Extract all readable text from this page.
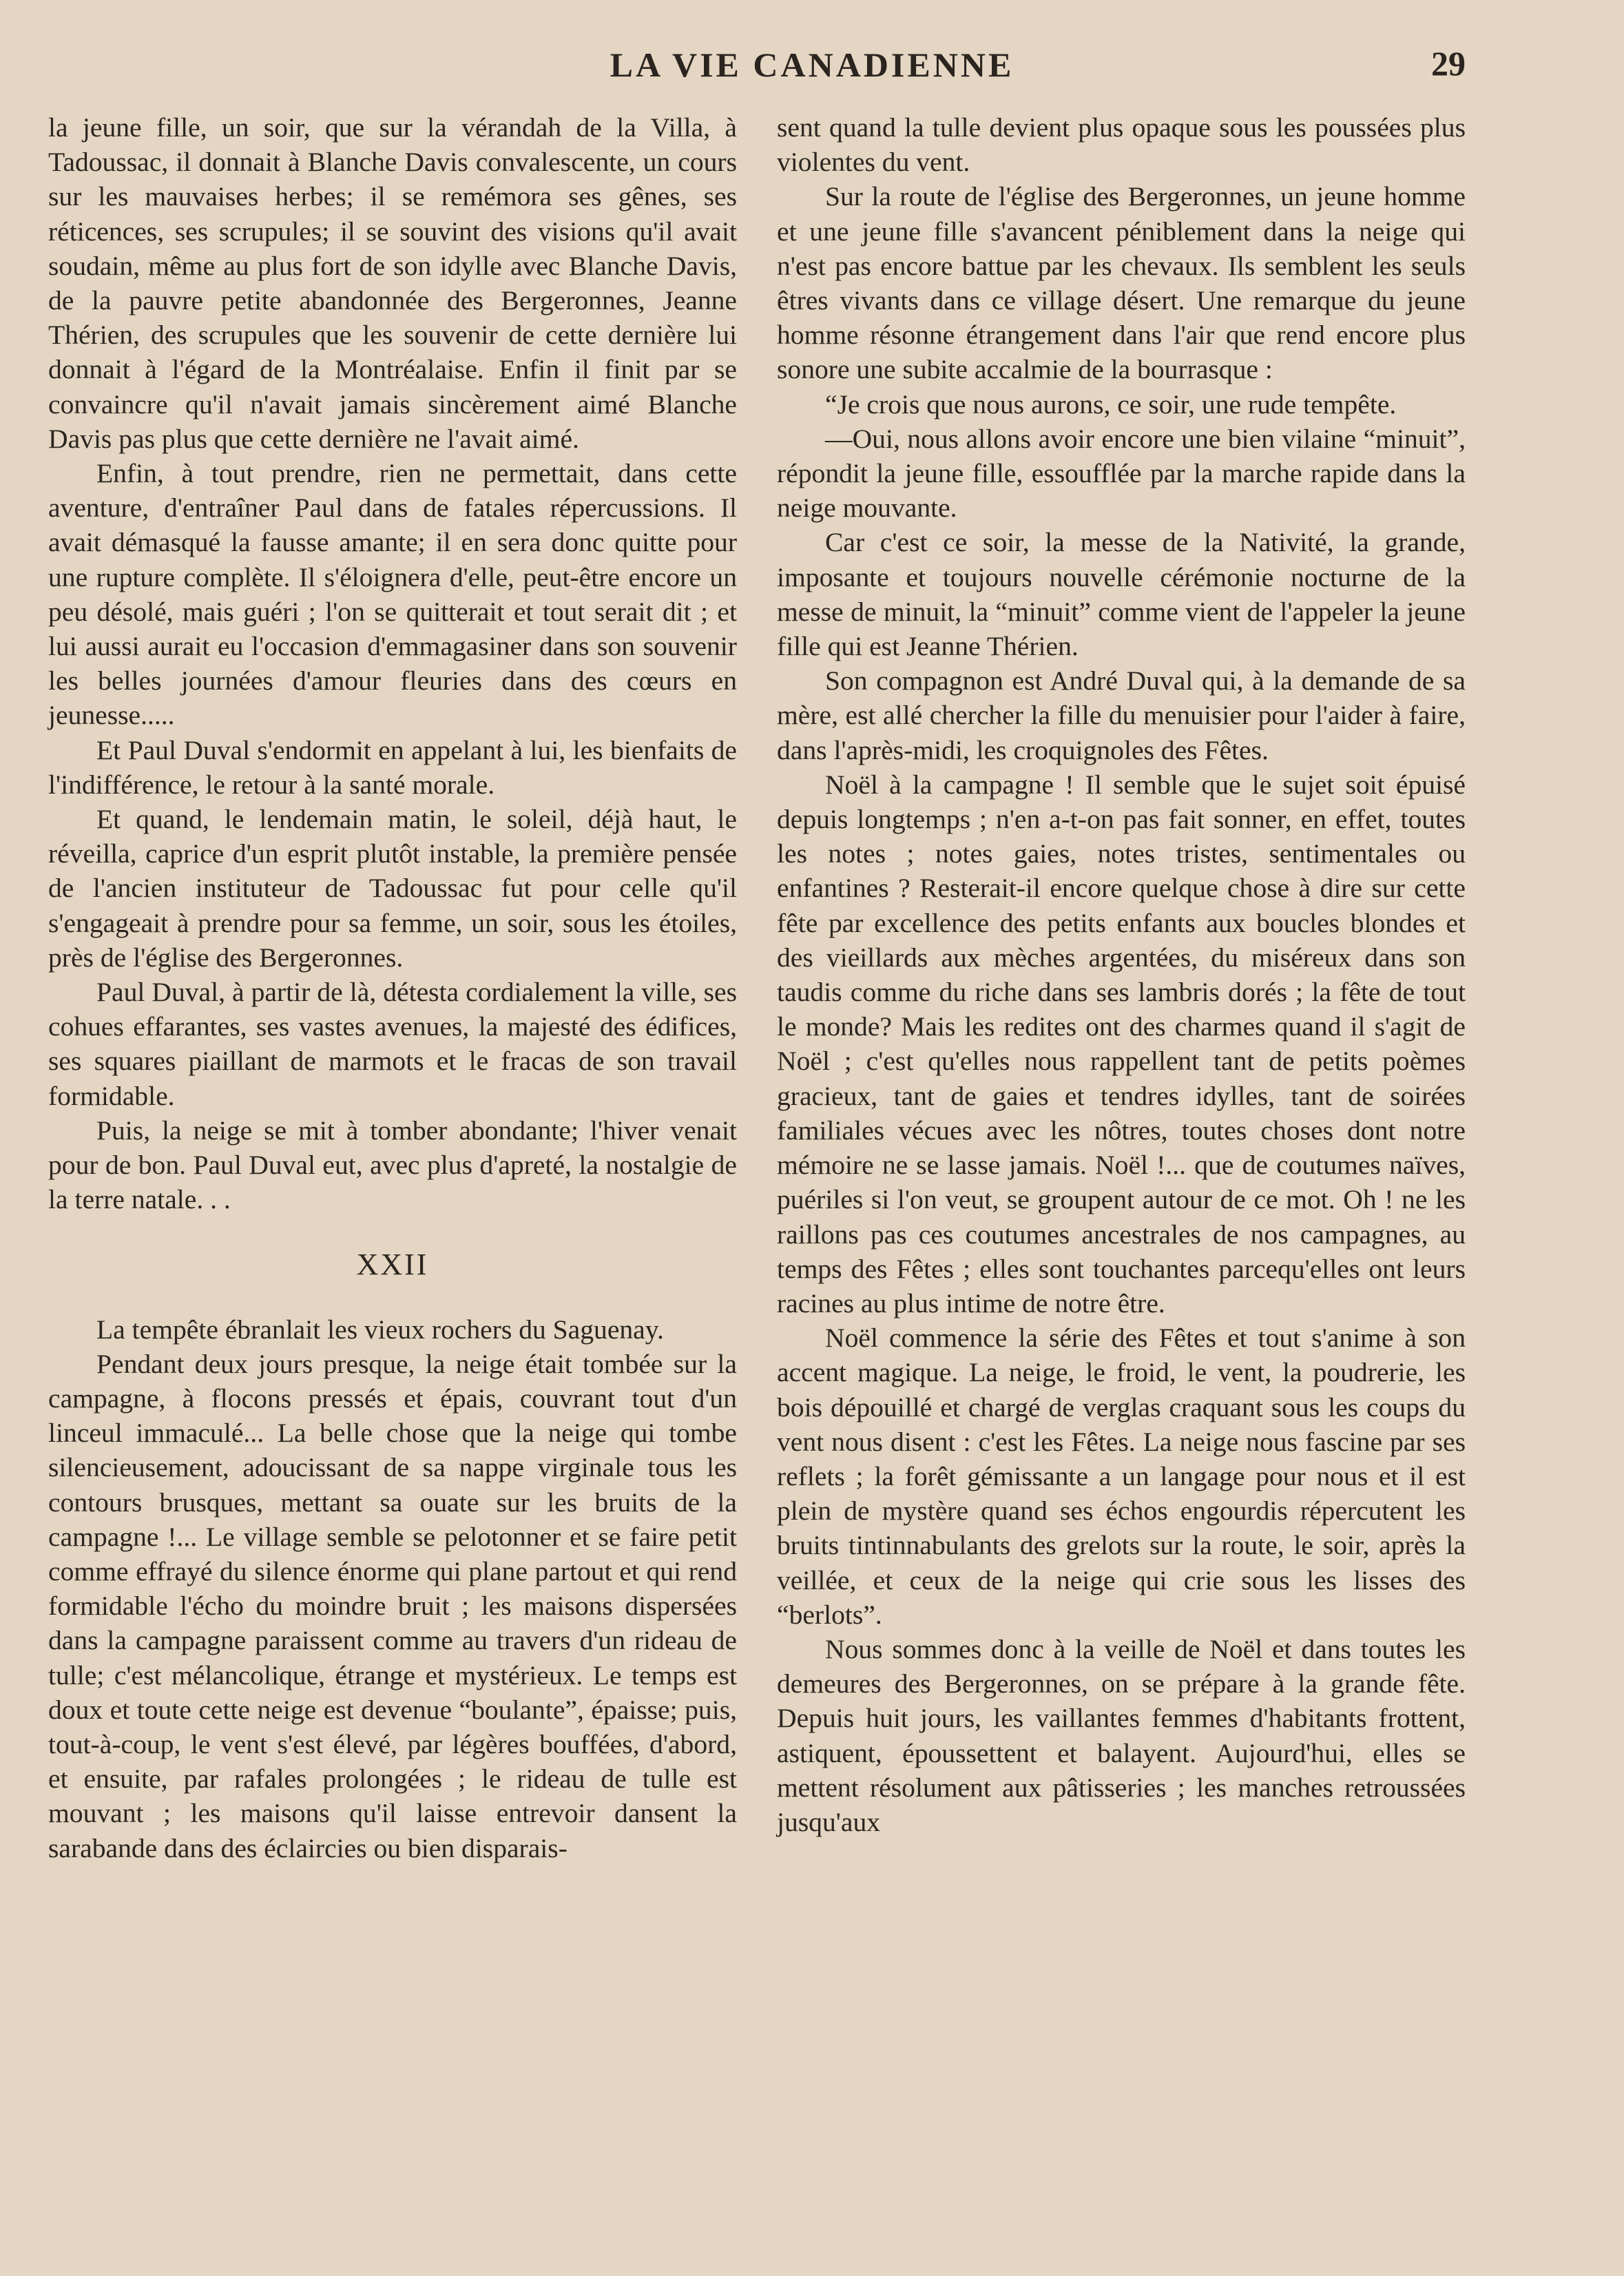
LA VIE CANADIENNE	29

la jeune fille, un soir, que sur la vérandah de la Villa, à Tadoussac, il donnait à Blanche Davis convalescente, un cours sur les mauvaises herbes; il se remémora ses gênes, ses réticences, ses scrupules; il se souvint des visions qu'il avait soudain, même au plus fort de son idylle avec Blanche Davis, de la pauvre petite abandonnée des Bergeronnes, Jeanne Thérien, des scrupules que les souvenir de cette dernière lui donnait à l'égard de la Montréalaise. Enfin il finit par se convaincre qu'il n'avait jamais sincèrement aimé Blanche Davis pas plus que cette dernière ne l'avait aimé.

Enfin, à tout prendre, rien ne permettait, dans cette aventure, d'entraîner Paul dans de fatales répercussions. Il avait démasqué la fausse amante; il en sera donc quitte pour une rupture complète. Il s'éloignera d'elle, peut-être encore un peu désolé, mais guéri ; l'on se quitterait et tout serait dit ; et lui aussi aurait eu l'occasion d'emmagasiner dans son souvenir les belles journées d'amour fleuries dans des cœurs en jeunesse.....

Et Paul Duval s'endormit en appelant à lui, les bienfaits de l'indifférence, le retour à la santé morale.

Et quand, le lendemain matin, le soleil, déjà haut, le réveilla, caprice d'un esprit plutôt instable, la première pensée de l'ancien instituteur de Tadoussac fut pour celle qu'il s'engageait à prendre pour sa femme, un soir, sous les étoiles, près de l'église des Bergeronnes.

Paul Duval, à partir de là, détesta cordialement la ville, ses cohues effarantes, ses vastes avenues, la majesté des édifices, ses squares piaillant de marmots et le fracas de son travail formidable.

Puis, la neige se mit à tomber abondante; l'hiver venait pour de bon. Paul Duval eut, avec plus d'apreté, la nostalgie de la terre natale. . .

XXII

La tempête ébranlait les vieux rochers du Saguenay.

Pendant deux jours presque, la neige était tombée sur la campagne, à flocons pressés et épais, couvrant tout d'un linceul immaculé... La belle chose que la neige qui tombe silencieusement, adoucissant de sa nappe virginale tous les contours brusques, mettant sa ouate sur les bruits de la campagne !... Le village semble se pelotonner et se faire petit comme effrayé du silence énorme qui plane partout et qui rend formidable l'écho du moindre bruit ; les maisons dispersées dans la campagne paraissent comme au travers d'un rideau de tulle; c'est mélancolique, étrange et mystérieux. Le temps est doux et toute cette neige est devenue “boulante”, épaisse; puis, tout-à-coup, le vent s'est élevé, par légères bouffées, d'abord, et ensuite, par rafales prolongées ; le rideau de tulle est mouvant ; les maisons qu'il laisse entrevoir dansent la sarabande dans des éclaircies ou bien disparais-

sent quand la tulle devient plus opaque sous les poussées plus violentes du vent.

Sur la route de l'église des Bergeronnes, un jeune homme et une jeune fille s'avancent péniblement dans la neige qui n'est pas encore battue par les chevaux. Ils semblent les seuls êtres vivants dans ce village désert. Une remarque du jeune homme résonne étrangement dans l'air que rend encore plus sonore une subite accalmie de la bourrasque :

“Je crois que nous aurons, ce soir, une rude tempête.

—Oui, nous allons avoir encore une bien vilaine “minuit”, répondit la jeune fille, essoufflée par la marche rapide dans la neige mouvante.

Car c'est ce soir, la messe de la Nativité, la grande, imposante et toujours nouvelle cérémonie nocturne de la messe de minuit, la “minuit” comme vient de l'appeler la jeune fille qui est Jeanne Thérien.

Son compagnon est André Duval qui, à la demande de sa mère, est allé chercher la fille du menuisier pour l'aider à faire, dans l'après-midi, les croquignoles des Fêtes.

Noël à la campagne ! Il semble que le sujet soit épuisé depuis longtemps ; n'en a-t-on pas fait sonner, en effet, toutes les notes ; notes gaies, notes tristes, sentimentales ou enfantines ? Resterait-il encore quelque chose à dire sur cette fête par excellence des petits enfants aux boucles blondes et des vieillards aux mèches argentées, du miséreux dans son taudis comme du riche dans ses lambris dorés ; la fête de tout le monde? Mais les redites ont des charmes quand il s'agit de Noël ; c'est qu'elles nous rappellent tant de petits poèmes gracieux, tant de gaies et tendres idylles, tant de soirées familiales vécues avec les nôtres, toutes choses dont notre mémoire ne se lasse jamais. Noël !... que de coutumes naïves, puériles si l'on veut, se groupent autour de ce mot. Oh ! ne les raillons pas ces coutumes ancestrales de nos campagnes, au temps des Fêtes ; elles sont touchantes parcequ'elles ont leurs racines au plus intime de notre être.

Noël commence la série des Fêtes et tout s'anime à son accent magique. La neige, le froid, le vent, la poudrerie, les bois dépouillé et chargé de verglas craquant sous les coups du vent nous disent : c'est les Fêtes. La neige nous fascine par ses reflets ; la forêt gémissante a un langage pour nous et il est plein de mystère quand ses échos engourdis répercutent les bruits tintinnabulants des grelots sur la route, le soir, après la veillée, et ceux de la neige qui crie sous les lisses des “berlots”.

Nous sommes donc à la veille de Noël et dans toutes les demeures des Bergeronnes, on se prépare à la grande fête. Depuis huit jours, les vaillantes femmes d'habitants frottent, astiquent, époussettent et balayent. Aujourd'hui, elles se mettent résolument aux pâtisseries ; les manches retroussées jusqu'aux
